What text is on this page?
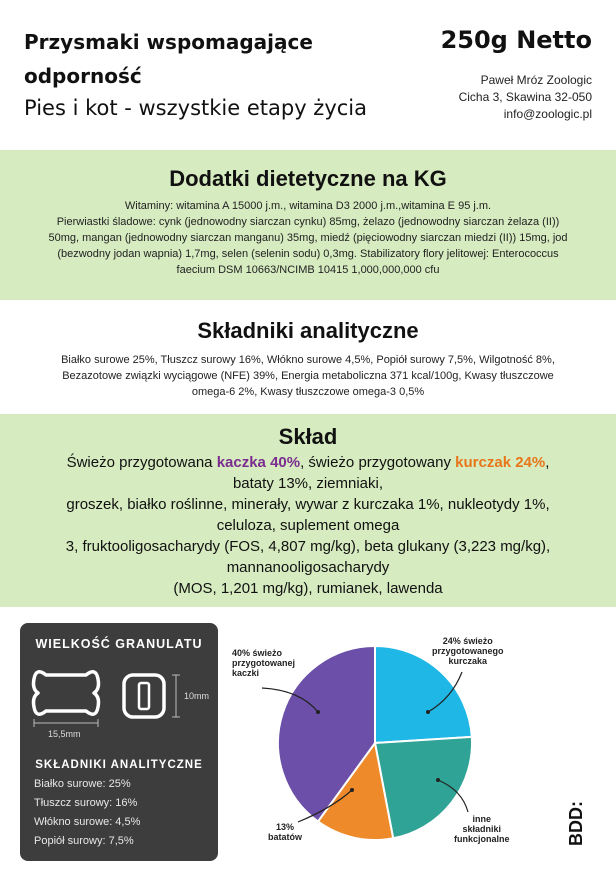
Przysmaki wspomagające
odporność
Pies i kot - wszystkie etapy życia
250g Netto
Paweł Mróz Zoologic
Cicha 3, Skawina 32-050
info@zoologic.pl
Dodatki dietetyczne na KG
Witaminy: witamina A 15000 j.m., witamina D3 2000 j.m.,witamina E 95 j.m.
Pierwiastki śladowe: cynk (jednowodny siarczan cynku) 85mg, żelazo (jednowodny siarczan żelaza (II))
50mg, mangan (jednowodny siarczan manganu) 35mg, miedź (pięciowodny siarczan miedzi (II)) 15mg, jod
(bezwodny jodan wapnia) 1,7mg, selen (selenin sodu) 0,3mg. Stabilizatory flory jelitowej: Enterococcus
faecium DSM 10663/NCIMB 10415 1,000,000,000 cfu
Składniki analityczne
Białko surowe 25%, Tłuszcz surowy 16%, Włókno surowe 4,5%, Popiół surowy 7,5%, Wilgotność 8%,
Bezazotowe związki wyciągowe (NFE) 39%, Energia metaboliczna 371 kcal/100g, Kwasy tłuszczowe
omega-6 2%, Kwasy tłuszczowe omega-3 0,5%
Skład
Świeżo przygotowana kaczka 40%, świeżo przygotowany kurczak 24%,
bataty 13%, ziemniaki,
groszek, białko roślinne, minerały, wywar z kurczaka 1%, nukleotydy 1%,
celuloza, suplement omega
3, fruktooligosacharydy (FOS, 4,807 mg/kg), beta glukany (3,223 mg/kg),
mannanooligosacharydy
(MOS, 1,201 mg/kg), rumianek, lawenda
WIELKOŚĆ GRANULATU
15,5mm
10mm
SKŁADNIKI ANALITYCZNE
Białko surowe: 25%
Tłuszcz surowy: 16%
Włókno surowe: 4,5%
Popiół surowy: 7,5%
40% świeżo
przygotowanej
kaczki
24% świeżo
przygotowanego
kurczaka
13%
batatów
inne
składniki
funkcjonalne	BDD:
